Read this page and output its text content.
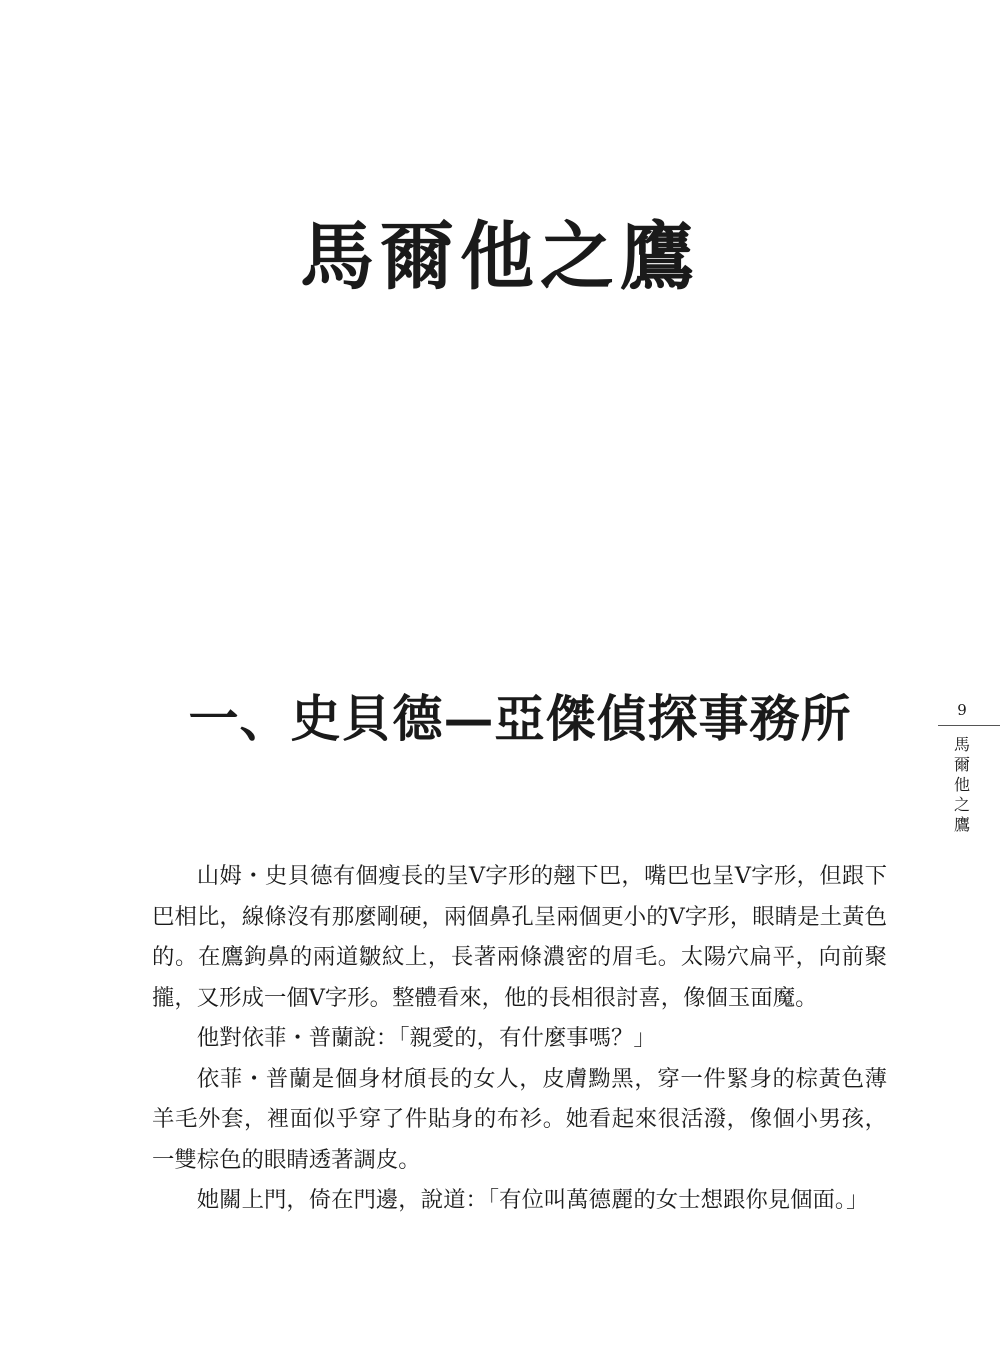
馬爾他之鷹
一、史貝德—亞傑偵探事務所	9
馬
爾
他
之
鷹

山姆・史貝德有個瘦長的呈V字形的翹下巴，嘴巴也呈V字形，但跟下巴相比，線條沒有那麼剛硬，兩個鼻孔呈兩個更小的V字形，眼睛是土黃色的。在鷹鉤鼻的兩道皺紋上，長著兩條濃密的眉毛。太陽穴扁平，向前聚攏，又形成一個V字形。整體看來，他的長相很討喜，像個玉面魔。

他對依菲・普蘭說：「親愛的，有什麼事嗎？」

依菲・普蘭是個身材頎長的女人，皮膚黝黑，穿一件緊身的棕黃色薄羊毛外套，裡面似乎穿了件貼身的布衫。她看起來很活潑，像個小男孩，一雙棕色的眼睛透著調皮。

她關上門，倚在門邊，說道：「有位叫萬德麗的女士想跟你見個面。」
